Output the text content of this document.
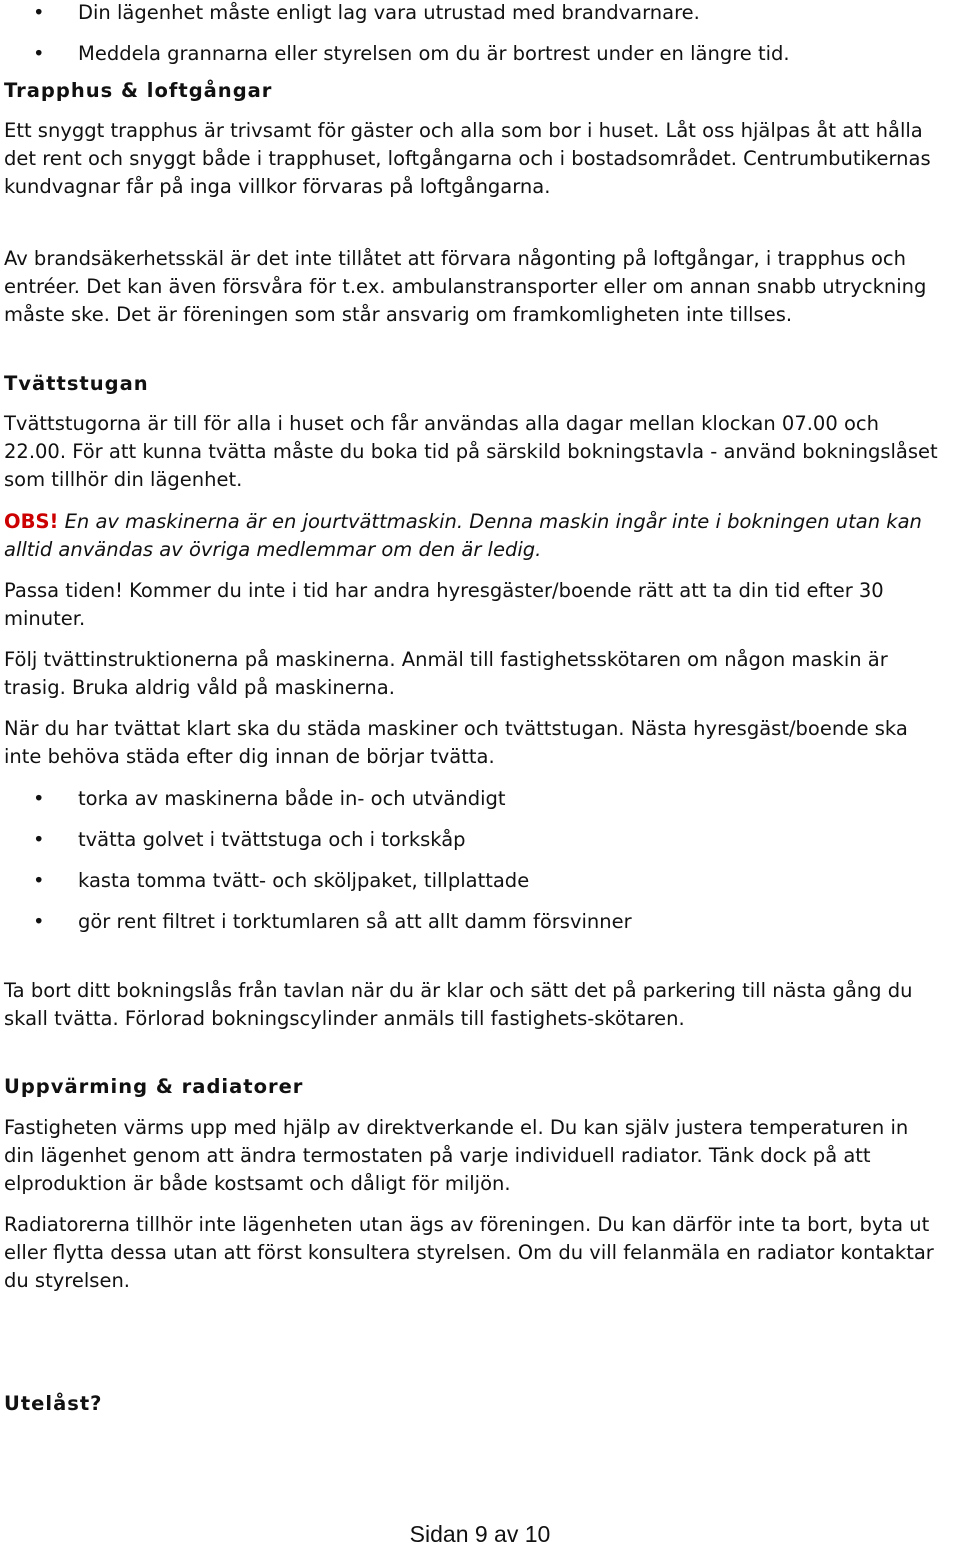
• Din lägenhet måste enligt lag vara utrustad med brandvarnare.
• Meddela grannarna eller styrelsen om du är bortrest under en längre tid.

Trapphus & loftgångar

Ett snyggt trapphus är trivsamt för gäster och alla som bor i huset. Låt oss hjälpas åt att hålla det rent och snyggt både i trapphuset, loftgångarna och i bostadsområdet. Centrumbutikernas kundvagnar får på inga villkor förvaras på loftgångarna.

Av brandsäkerhetsskäl är det inte tillåtet att förvara någonting på loftgångar, i trapphus och entréer. Det kan även försvåra för t.ex. ambulanstransporter eller om annan snabb utryckning måste ske. Det är föreningen som står ansvarig om framkomligheten inte tillses.

Tvättstugan

Tvättstugorna är till för alla i huset och får användas alla dagar mellan klockan 07.00 och 22.00. För att kunna tvätta måste du boka tid på särskild bokningstavla - använd bokningslåset som tillhör din lägenhet.

OBS! En av maskinerna är en jourtvättmaskin. Denna maskin ingår inte i bokningen utan kan alltid användas av övriga medlemmar om den är ledig.

Passa tiden! Kommer du inte i tid har andra hyresgäster/boende rätt att ta din tid efter 30 minuter.

Följ tvättinstruktionerna på maskinerna. Anmäl till fastighetsskötaren om någon maskin är trasig. Bruka aldrig våld på maskinerna.

När du har tvättat klart ska du städa maskiner och tvättstugan. Nästa hyresgäst/boende ska inte behöva städa efter dig innan de börjar tvätta.

• torka av maskinerna både in- och utvändigt
• tvätta golvet i tvättstuga och i torkskåp
• kasta tomma tvätt- och sköljpaket, tillplattade
• gör rent filtret i torktumlaren så att allt damm försvinner

Ta bort ditt bokningslås från tavlan när du är klar och sätt det på parkering till nästa gång du skall tvätta. Förlorad bokningscylinder anmäls till fastighets-skötaren.

Uppvärming & radiatorer

Fastigheten värms upp med hjälp av direktverkande el. Du kan själv justera temperaturen in din lägenhet genom att ändra termostaten på varje individuell radiator. Tänk dock på att elproduktion är både kostsamt och dåligt för miljön.

Radiatorerna tillhör inte lägenheten utan ägs av föreningen. Du kan därför inte ta bort, byta ut eller flytta dessa utan att först konsultera styrelsen. Om du vill felanmäla en radiator kontaktar du styrelsen.

Utelåst?

Sidan 9 av 10
